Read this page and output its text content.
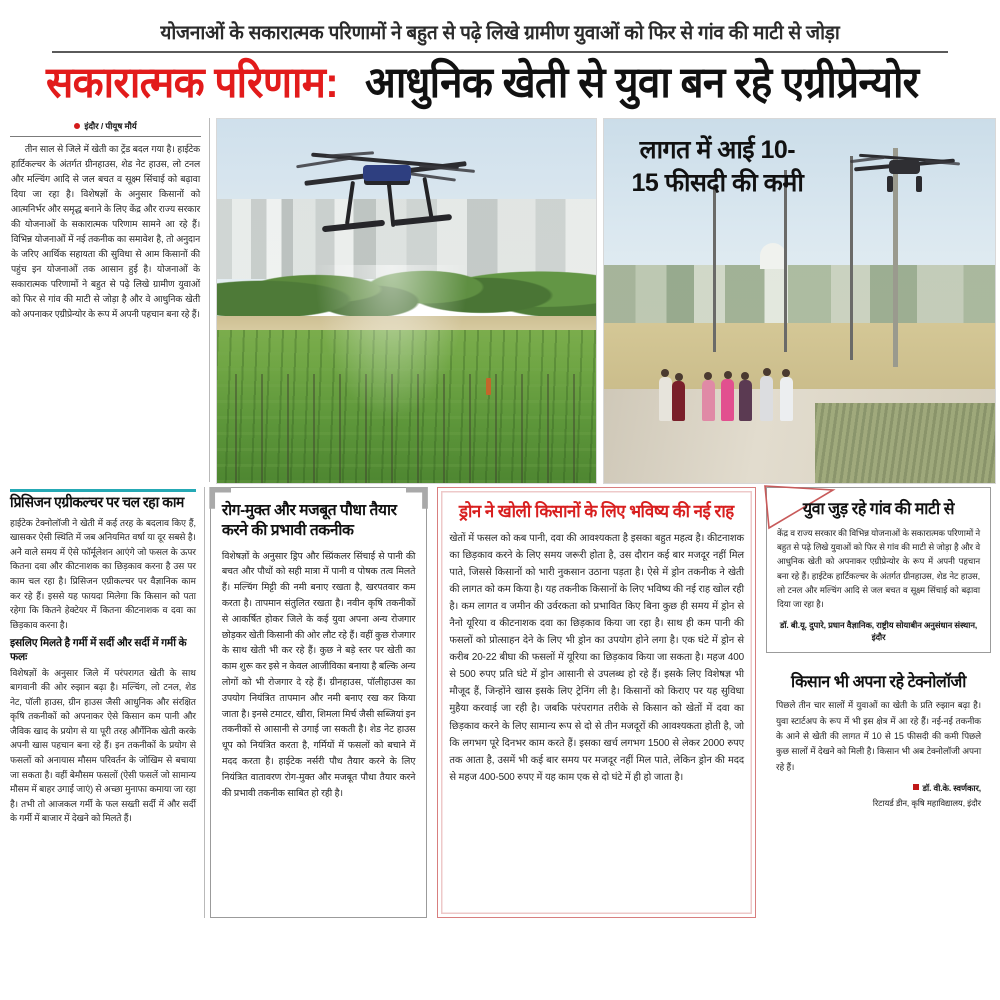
योजनाओं के सकारात्मक परिणामों ने बहुत से पढ़े लिखे ग्रामीण युवाओं को फिर से गांव की माटी से जोड़ा
सकारात्मक परिणाम: आधुनिक खेती से युवा बन रहे एग्रीप्रेन्योर
इंदौर / पीयूष मौर्य
तीन साल से जिले में खेती का ट्रेंड बदल गया है। हाईटेक हार्टिकल्चर के अंतर्गत ग्रीनहाउस, शेड नेट हाउस, लो टनल और मल्चिंग आदि से जल बचत व सूक्ष्म सिंचाई को बढ़ावा दिया जा रहा है। विशेषज्ञों के अनुसार किसानों को आत्मनिर्भर और समृद्ध बनाने के लिए केंद्र और राज्य सरकार की योजनाओं के सकारात्मक परिणाम सामने आ रहे हैं। विभिन्न योजनाओं में नई तकनीक का समावेश है, तो अनुदान के जरिए आर्थिक सहायता की सुविधा से आम किसानों की पहुंच इन योजनाओं तक आसान हुई है। योजनाओं के सकारात्मक परिणामों ने बहुत से पढ़े लिखे ग्रामीण युवाओं को फिर से गांव की माटी से जोड़ा है और वे आधुनिक खेती को अपनाकर एग्रीप्रेन्योर के रूप में अपनी पहचान बना रहे हैं।
लागत में आई 10-15 फीसदी की कमी
प्रिसिजन एग्रीकल्चर पर चल रहा काम
हाईटेक टेक्नोलॉजी ने खेती में कई तरह के बदलाव किए हैं, खासकर ऐसी स्थिति में जब अनियमित वर्षा या दूर सबसे है। अनेे वाले समय में ऐसे फॉर्मूलेशन आएंगे जो फसल के ऊपर कितना दवा और कीटनाशक का छिड़काव करना है उस पर काम चल रहा है। प्रिसिजन एग्रीकल्चर पर वैज्ञानिक काम कर रहे हैं। इससे यह फायदा मिलेगा कि किसान को पता रहेगा कि कितने हेक्टेयर में कितना कीटनाशक व दवा का छिड़काव करना है।
इसलिए मिलते है गर्मी में सर्दी और सर्दी में गर्मी के फलः
विशेषज्ञों के अनुसार जिले में परंपरागत खेती के साथ बागवानी की ओर रुझान बढ़ा है। मल्चिंग, लो टनल, शेड नेट, पॉली हाउस, ग्रीन हाउस जैसी आधुनिक और संरक्षित कृषि तकनीकों को अपनाकर ऐसे किसान कम पानी और जैविक खाद के प्रयोग से या पूरी तरह और्गेनिक खेती करके अपनी खास पहचान बना रहे हैं। इन तकनीकों के प्रयोग से फसलों को अनायास मौसम परिवर्तन के जोखिम से बचाया जा सकता है। वहीं बेमौसम फसलों (ऐसी फसलें जो सामान्य मौसम में बाहर उगाई जाएं) से अच्छा मुनाफा कमाया जा रहा है। तभी तो आजकल गर्मी के फल सख्ती सर्दी में और सर्दी के गर्मी में बाजार में देखने को मिलते हैं।
रोग-मुक्त और मजबूत पौधा तैयार करने की प्रभावी तकनीक
विशेषज्ञों के अनुसार ड्रिप और स्प्रिंकलर सिंचाई से पानी की बचत और पौधों को सही मात्रा में पानी व पोषक तत्व मिलते हैं। मल्चिंग मिट्टी की नमी बनाए रखता है, खरपतवार कम करता है। तापमान संतुलित रखता है। नवीन कृषि तकनीकों से आकर्षित होकर जिले के कई युवा अपना अन्य रोजगार छोड़कर खेती किसानी की ओर लौट रहे हैं। वहीं कुछ रोजगार के साथ खेती भी कर रहे हैं। कुछ ने बड़े स्तर पर खेती का काम शुरू कर इसे न केवल आजीविका बनाया है बल्कि अन्य लोगों को भी रोजगार दे रहे हैं। ग्रीनहाउस, पॉलीहाउस का उपयोग नियंत्रित तापमान और नमी बनाए रख कर किया जाता है। इनसे टमाटर, खीरा, शिमला मिर्च जैसी सब्जियां इन तकनीकों से आसानी से उगाई जा सकती है। शेड नेट हाउस धूप को नियंत्रित करता है, गर्मियों में फसलों को बचाने में मदद करता है। हाईटेक नर्सरी पौध तैयार करने के लिए नियंत्रित वातावरण रोग-मुक्त और मजबूत पौधा तैयार करने की प्रभावी तकनीक साबित हो रही है।
ड्रोन ने खोली किसानों के लिए भविष्य की नई राह
खेतों में फसल को कब पानी, दवा की आवश्यकता है इसका बहुत महत्व है। कीटनाशक का छिड़काव करने के लिए समय जरूरी होता है, उस दौरान कई बार मजदूर नहीं मिल पाते, जिससे किसानों को भारी नुकसान उठाना पड़ता है। ऐसे में ड्रोन तकनीक ने खेती की लागत को कम किया है। यह तकनीक किसानों के लिए भविष्य की नई राह खोल रही है। कम लागत व जमीन की उर्वरकता को प्रभावित किए बिना कुछ ही समय में ड्रोन से नैनो यूरिया व कीटनाशक दवा का छिड़काव किया जा रहा है। साथ ही कम पानी की फसलों को प्रोत्साहन देने के लिए भी ड्रोन का उपयोग होने लगा है। एक घंटे में ड्रोन से करीब 20-22 बीघा की फसलों में यूरिया का छिड़काव किया जा सकता है। महज 400 से 500 रुपए प्रति घंटे में ड्रोन आसानी से उपलब्ध हो रहे हैं। इसके लिए विशेषज्ञ भी मौजूद हैं, जिन्होंने खास इसके लिए ट्रेनिंग ली है। किसानों को किराए पर यह सुविधा मुहैया करवाई जा रही है। जबकि परंपरागत तरीके से किसान को खेतों में दवा का छिड़काव करने के लिए सामान्य रूप से दो से तीन मजदूरों की आवश्यकता होती है, जो कि लगभग पूरे दिनभर काम करते हैं। इसका खर्च लगभग 1500 से लेकर 2000 रुपए तक आता है, उसमें भी कई बार समय पर मजदूर नहीं मिल पाते, लेकिन ड्रोन की मदद से महज 400-500 रुपए में यह काम एक से दो घंटे में ही हो जाता है।
युवा जुड़ रहे गांव की माटी से
केंद्र व राज्य सरकार की विभिन्न योजनाओं के सकारात्मक परिणामों ने बहुत से पढ़े लिखे युवाओं को फिर से गांव की माटी से जोड़ा है और वे आधुनिक खेती को अपनाकर एग्रीप्रेन्योर के रूप में अपनी पहचान बना रहे हैं। हाईटेक हार्टिकल्चर के अंतर्गत ग्रीनहाउस, शेड नेट हाउस, लो टनल और मल्चिंग आदि से जल बचत व सूक्ष्म सिंचाई को बढ़ावा दिया जा रहा है।
डॉ. बी.यू. दुपारे, प्रधान वैज्ञानिक, राष्ट्रीय सोयाबीन अनुसंधान संस्थान, इंदौर
किसान भी अपना रहे टेक्नोलॉजी
पिछले तीन चार सालों में युवाओं का खेती के प्रति रुझान बढ़ा है। युवा स्टार्टअप के रूप में भी इस क्षेत्र में आ रहे हैं। नई-नई तकनीक के आने से खेती की लागत में 10 से 15 फीसदी की कमी पिछले कुछ सालों में देखने को मिली है। किसान भी अब टेक्नोलॉजी अपना रहे हैं।
डॉ. वी.के. स्वर्णकार,
रिटायर्ड डीन, कृषि महाविद्यालय, इंदौर
